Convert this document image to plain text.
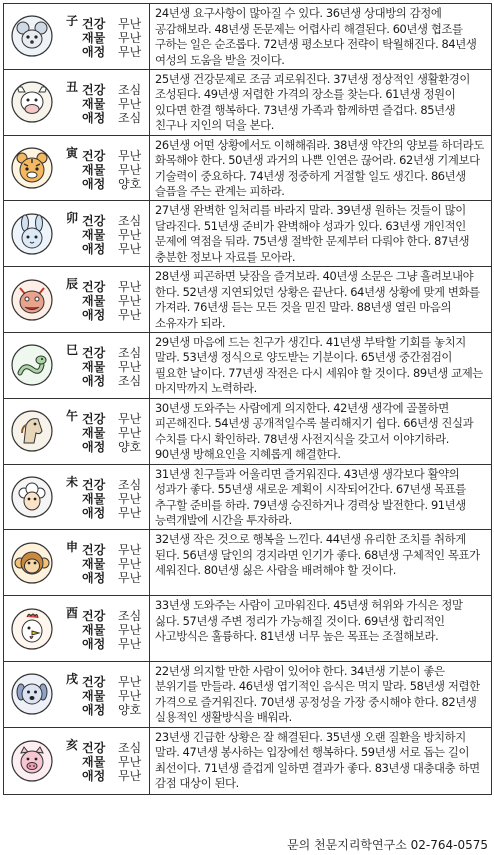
子 건강
재물
애정
무난
무난
무난
24년생 요구사항이 많아질 수 있다. 36년생 상대방의 감정에 공감해보라. 48년생 돈문제는 어렵사리 해결된다. 60년생 협조를 구하는 일은 순조롭다. 72년생 평소보다 전략이 탁월해진다. 84년생 여성의 도움을 받을 것이다.
丑 건강
재물
애정
조심
무난
조심
25년생 건강문제로 조금 괴로워진다. 37년생 정상적인 생활환경이 조성된다. 49년생 저렴한 가격의 장소를 찾는다. 61년생 정원이 있다면 한결 행복하다. 73년생 가족과 함께하면 즐겁다. 85년생 친구나 지인의 덕을 본다.
寅 건강
재물
애정
무난
무난
양호
26년생 어떤 상황에서도 이해해줘라. 38년생 약간의 양보를 하더라도 화목해야 한다. 50년생 과거의 나쁜 인연은 끊어라. 62년생 기계보다 기술력이 중요하다. 74년생 정중하게 거절할 일도 생긴다. 86년생 슬픔을 주는 관계는 피하라.
卯 건강
재물
애정
조심
무난
무난
27년생 완벽한 일처리를 바라지 말라. 39년생 원하는 것들이 많이 달라진다. 51년생 준비가 완벽해야 성과가 있다. 63년생 개인적인 문제에 역점을 둬라. 75년생 절박한 문제부터 다뤄야 한다. 87년생 충분한 정보나 자료를 모아라.
辰 건강
재물
애정
무난
무난
무난
28년생 피곤하면 낮잠을 즐겨보라. 40년생 소문은 그냥 흘려보내야 한다. 52년생 지연되었던 상황은 끝난다. 64년생 상황에 맞게 변화를 가져라. 76년생 듣는 모든 것을 믿진 말라. 88년생 열린 마음의 소유자가 되라.
巳 건강
재물
애정
조심
무난
조심
29년생 마음에 드는 친구가 생긴다. 41년생 부탁할 기회를 놓치지 말라. 53년생 정식으로 양도받는 기분이다. 65년생 중간점검이 필요한 날이다. 77년생 작전은 다시 세워야 할 것이다. 89년생 교제는 마지막까지 노력하라.
午 건강
재물
애정
무난
무난
양호
30년생 도와주는 사람에게 의지한다. 42년생 생각에 골몰하면 피곤해진다. 54년생 공개적일수록 불리해지기 쉽다. 66년생 진실과 수치를 다시 확인하라. 78년생 사전지식을 갖고서 이야기하라. 90년생 방해요인을 지혜롭게 해결한다.
未 건강
재물
애정
조심
무난
무난
31년생 친구들과 어울리면 즐거워진다. 43년생 생각보다 활약의 성과가 좋다. 55년생 새로운 계획이 시작되어간다. 67년생 목표를 추구할 준비를 하라. 79년생 승진하거나 경력상 발전한다. 91년생 능력개발에 시간을 투자하라.
申 건강
재물
애정
무난
무난
무난
32년생 작은 것으로 행복을 느낀다. 44년생 유리한 조치를 취하게 된다. 56년생 달인의 경지라면 인기가 좋다. 68년생 구체적인 목표가 세워진다. 80년생 싫은 사람을 배려해야 할 것이다.
酉 건강
재물
애정
조심
무난
무난
33년생 도와주는 사람이 고마워진다. 45년생 허위와 가식은 정말 싫다. 57년생 주변 정리가 가능해질 것이다. 69년생 합리적인 사고방식은 훌륭하다. 81년생 너무 높은 목표는 조절해보라.
戌 건강
재물
애정
무난
무난
양호
22년생 의지할 만한 사람이 있어야 한다. 34년생 기분이 좋은 분위기를 만들라. 46년생 엽기적인 음식은 먹지 말라. 58년생 저렴한 가격으로 즐거워진다. 70년생 공정성을 가장 중시해야 한다. 82년생 실용적인 생활방식을 배워라.
亥 건강
재물
애정
조심
무난
무난
23년생 긴급한 상황은 잘 해결된다. 35년생 오랜 질환을 방치하지 말라. 47년생 봉사하는 입장에선 행복하다. 59년생 서로 돕는 길이 최선이다. 71년생 즐겁게 일하면 결과가 좋다. 83년생 대충대충 하면 감점 대상이 된다.
문의 천문지리학연구소 02-764-0575
